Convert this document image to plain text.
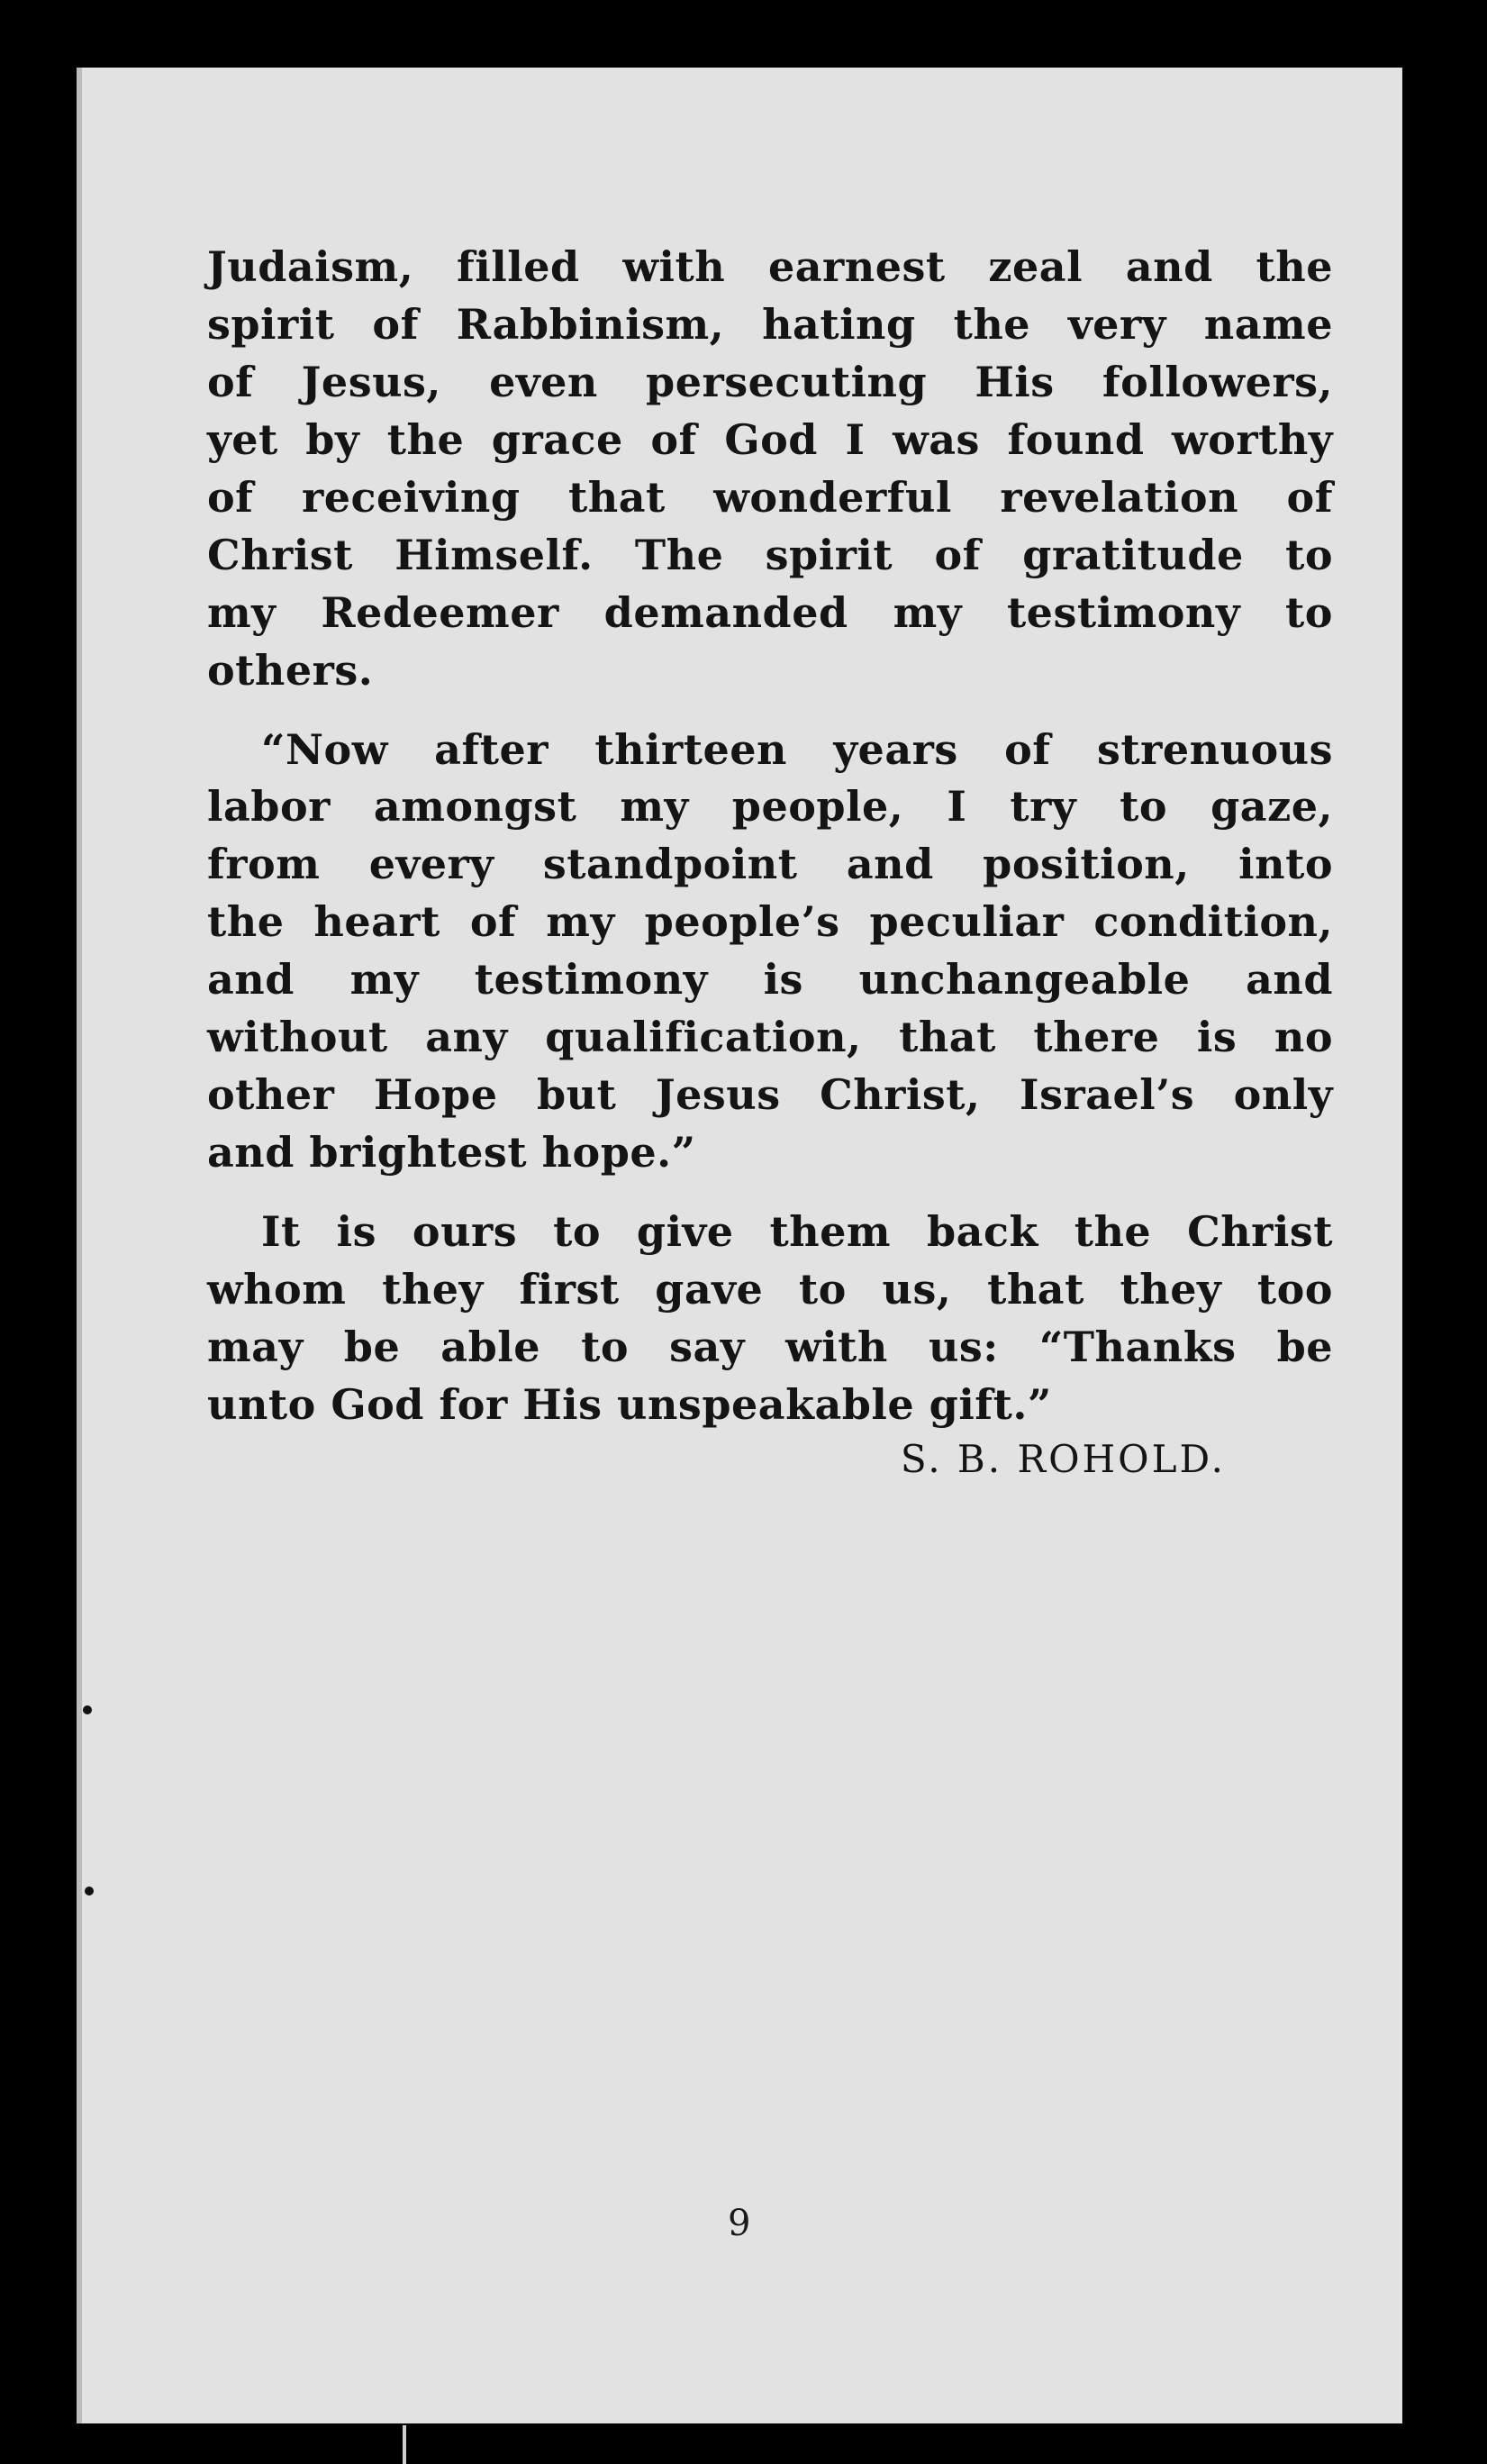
Judaism, filled with earnest zeal and the
spirit of Rabbinism, hating the very name
of Jesus, even persecuting His followers,
yet by the grace of God I was found worthy
of receiving that wonderful revelation of
Christ Himself. The spirit of gratitude to
my Redeemer demanded my testimony to
others.
“Now after thirteen years of strenuous
labor amongst my people, I try to gaze,
from every standpoint and position, into
the heart of my people’s peculiar condition,
and my testimony is unchangeable and
without any qualification, that there is no
other Hope but Jesus Christ, Israel’s only
and brightest hope.”
It is ours to give them back the Christ
whom they first gave to us, that they too
may be able to say with us: “Thanks be
unto God for His unspeakable gift.”
S. B. ROHOLD.
9
